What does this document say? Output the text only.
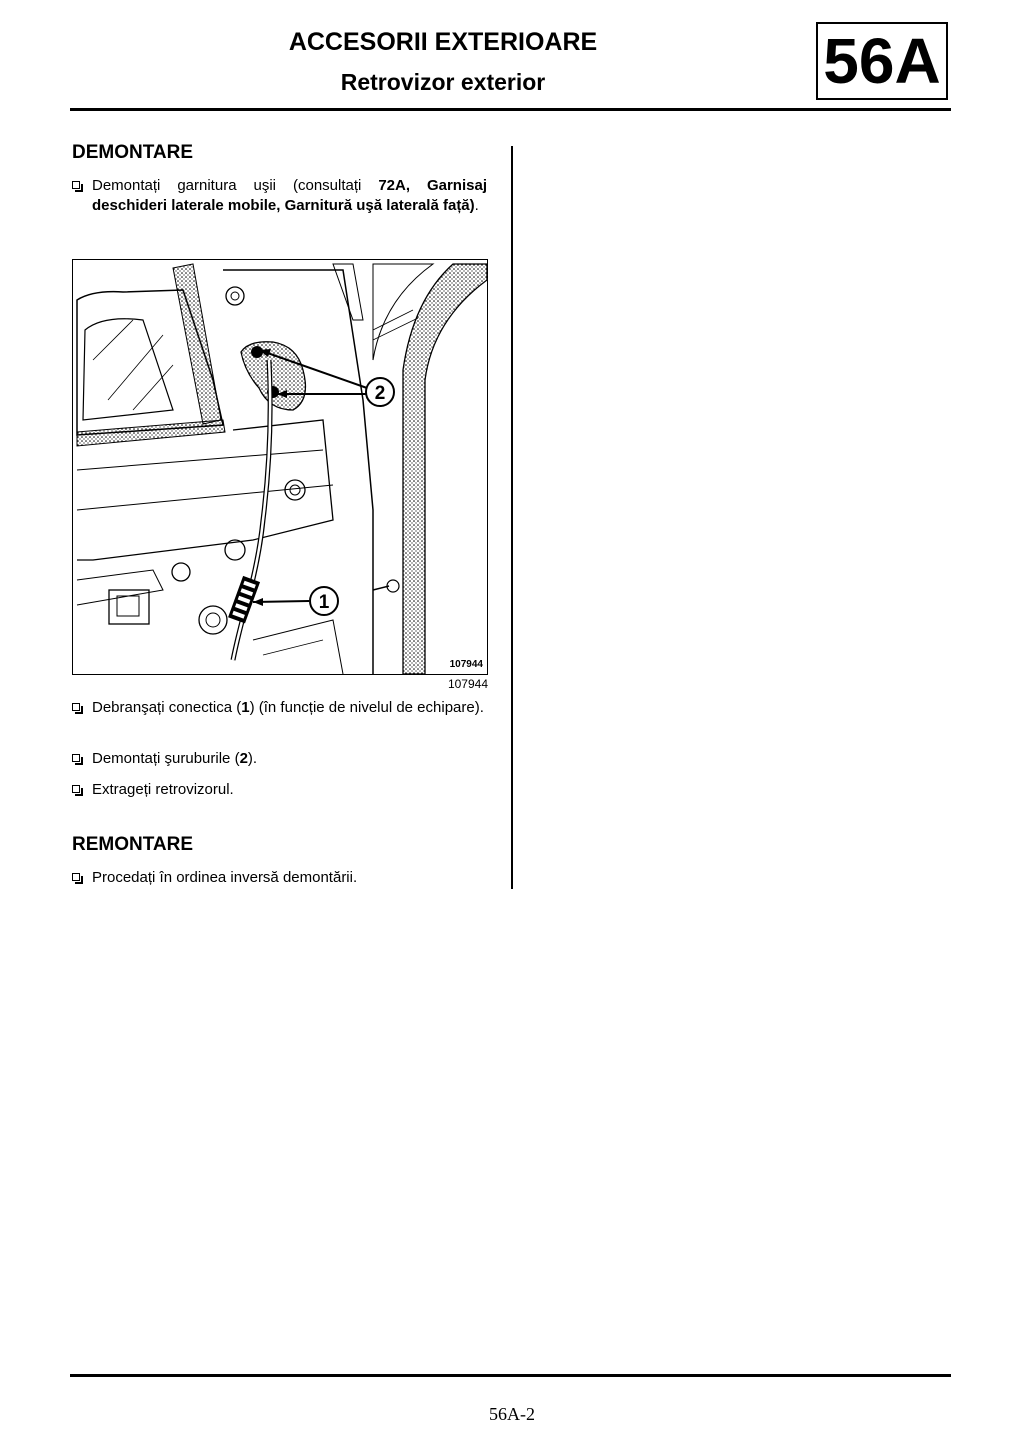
ACCESORII EXTERIOARE
Retrovizor exterior	56A
DEMONTARE
Demontați garnitura uşii (consultați 72A, Garnisaj deschideri laterale mobile, Garnitură uşă laterală față).
2
1
107944
107944
Debranşați conectica (1) (în funcție de nivelul de echipare).
Demontați şuruburile (2).
Extrageți retrovizorul.
REMONTARE
Procedați în ordinea inversă demontării.
56A-2
